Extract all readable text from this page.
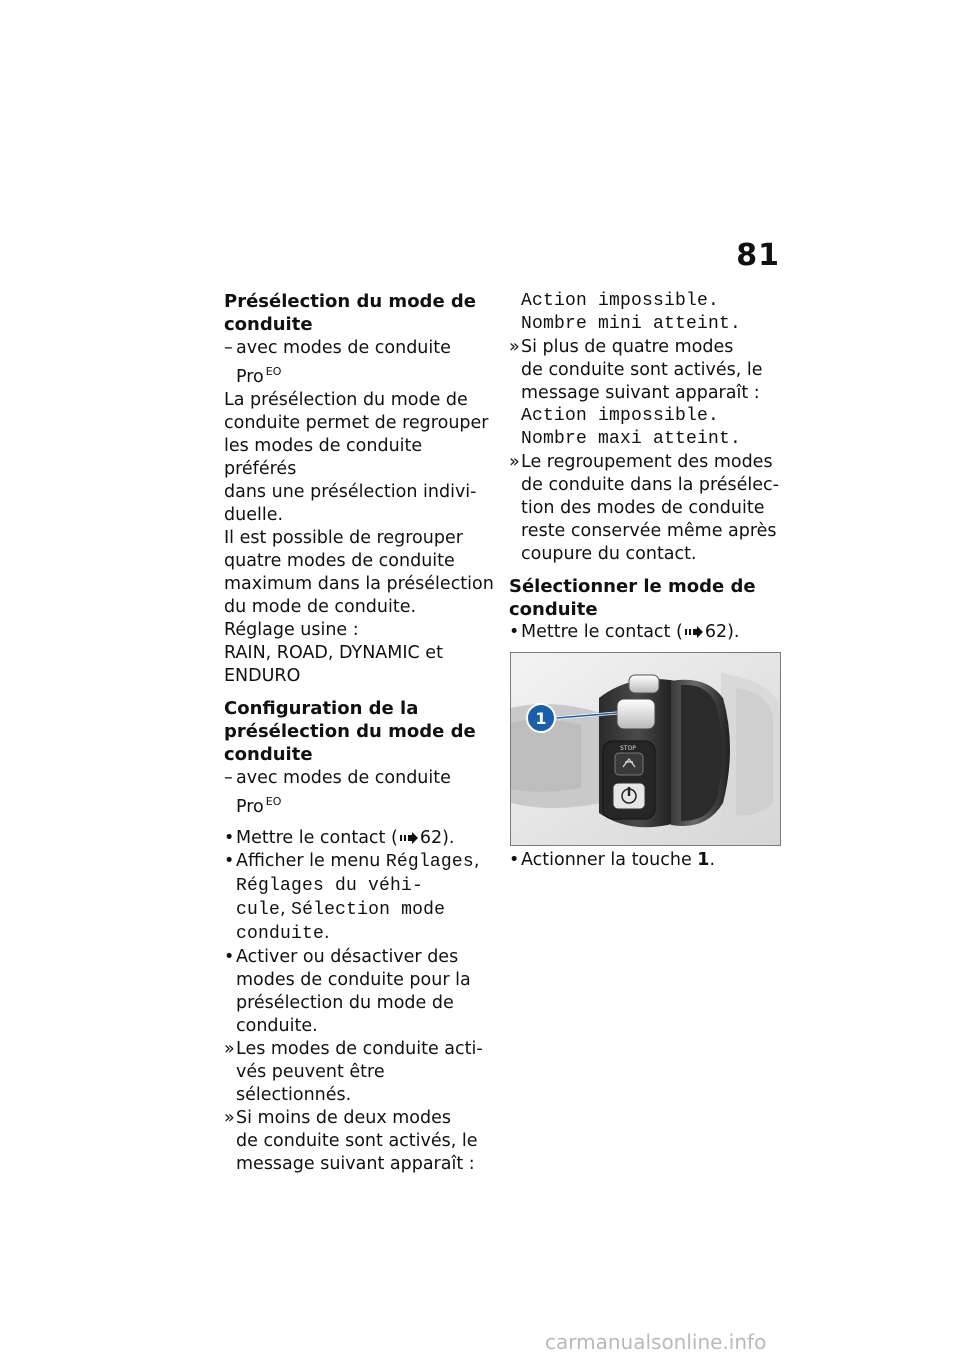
81

Présélection du mode de
conduite

– avec modes de conduite
Pro $^{EO}$

La présélection du mode de
conduite permet de regrouper
les modes de conduite préférés
dans une présélection indivi-
duelle.

Il est possible de regrouper
quatre modes de conduite
maximum dans la présélection
du mode de conduite.

Réglage usine :
RAIN, ROAD, DYNAMIC et
ENDURO

Configuration de la
présélection du mode de
conduite

– avec modes de conduite
Pro $^{EO}$

• Mettre le contact ( 62).

• Afficher le menu Réglages,
Réglages du véhi-
cule, Sélection mode
conduite.

• Activer ou désactiver des
modes de conduite pour la
présélection du mode de
conduite.

» Les modes de conduite acti-
vés peuvent être sélectionnés.

» Si moins de deux modes
de conduite sont activés, le
message suivant apparaît :

Action impossible.
Nombre mini atteint.

» Si plus de quatre modes
de conduite sont activés, le
message suivant apparaît :

Action impossible.
Nombre maxi atteint.

» Le regroupement des modes
de conduite dans la présélec-
tion des modes de conduite
reste conservée même après
coupure du contact.

Sélectionner le mode de
conduite

• Mettre le contact ( 62).

STOP
1

• Actionner la touche 1.

carmanualsonline.info
